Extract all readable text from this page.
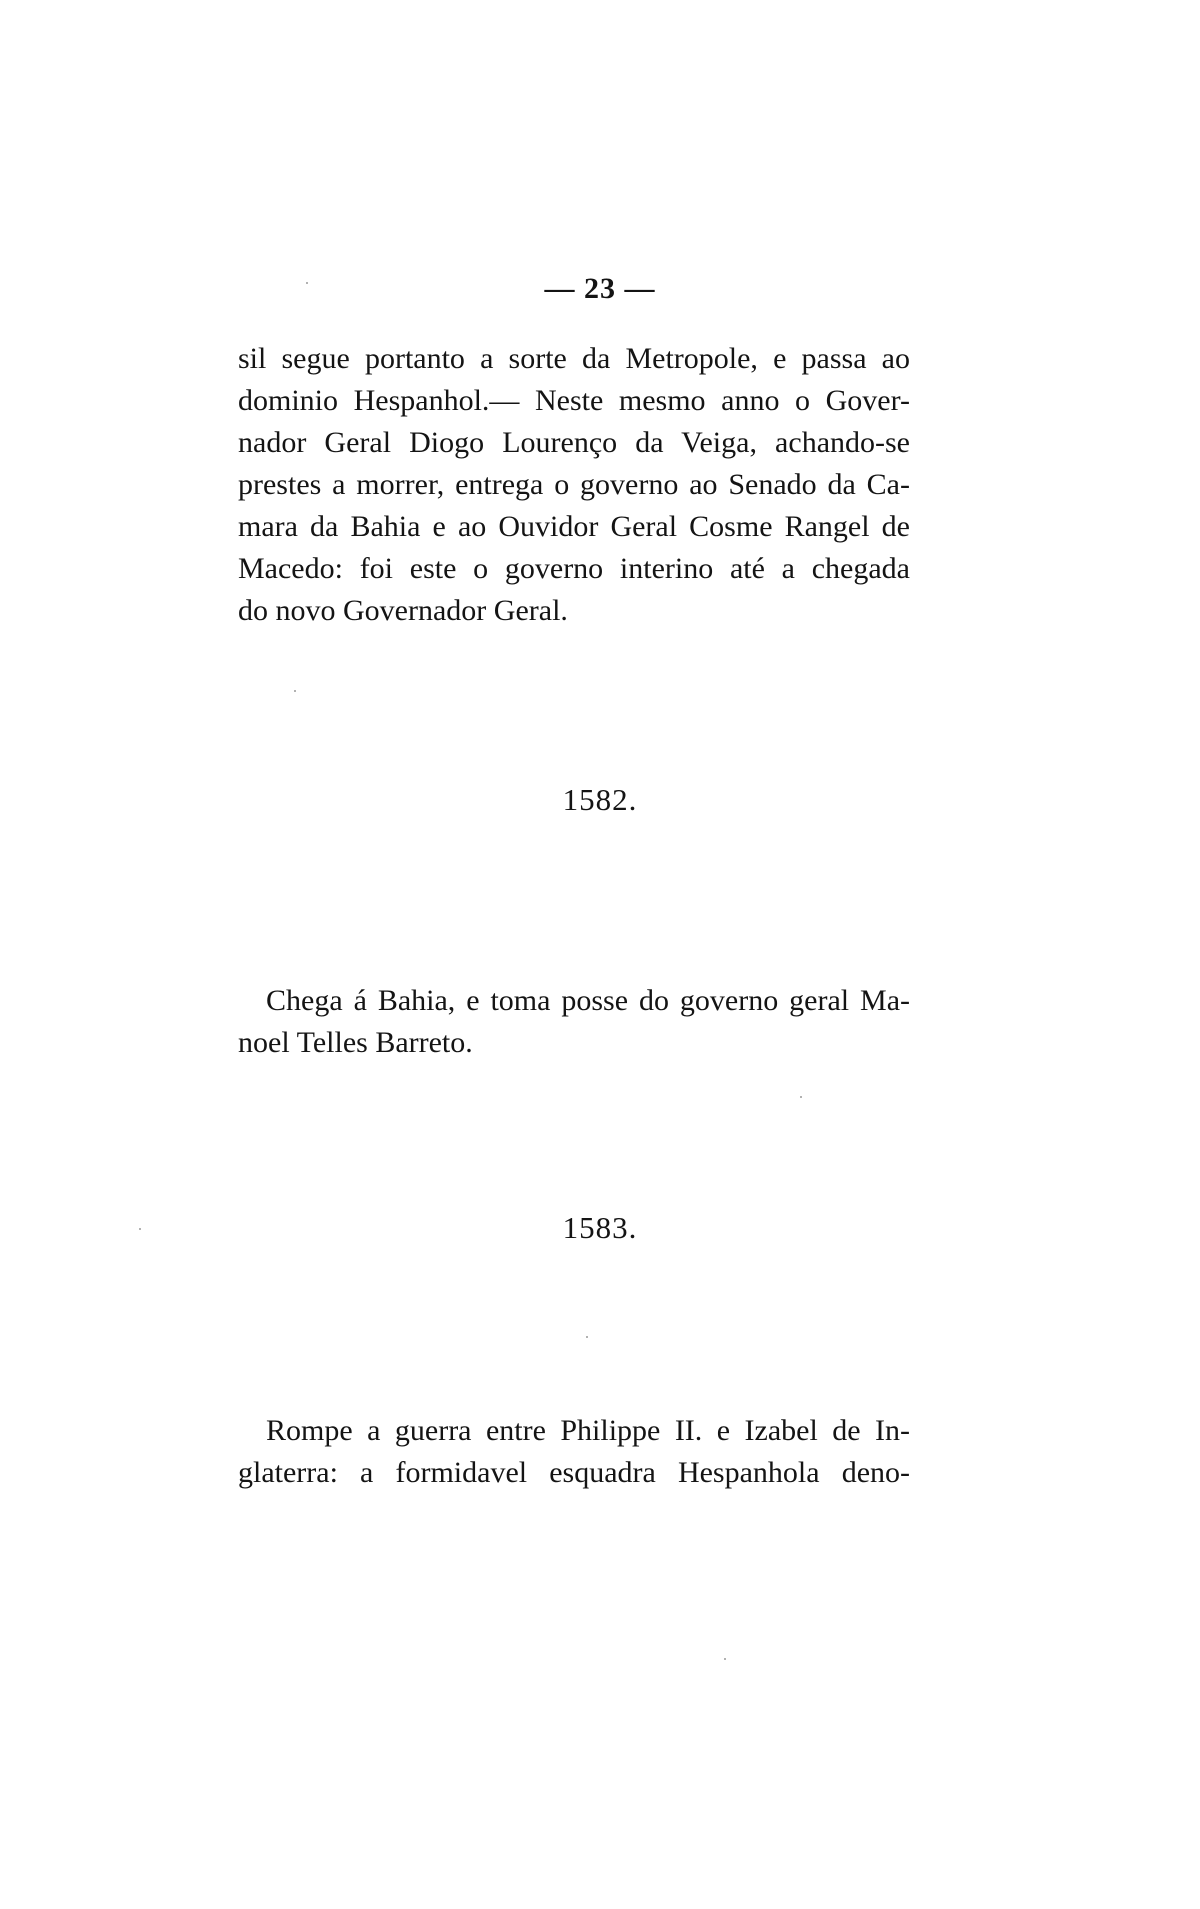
— 23 —
sil segue portanto a sorte da Metropole, e passa ao
dominio Hespanhol.— Neste mesmo anno o Gover-
nador Geral Diogo Lourenço da Veiga, achando-se
prestes a morrer, entrega o governo ao Senado da Ca-
mara da Bahia e ao Ouvidor Geral Cosme Rangel de
Macedo: foi este o governo interino até a chegada
do novo Governador Geral.
1582.
Chega á Bahia, e toma posse do governo geral Ma-
noel Telles Barreto.
1583.
Rompe a guerra entre Philippe II. e Izabel de In-
glaterra: a formidavel esquadra Hespanhola deno-
